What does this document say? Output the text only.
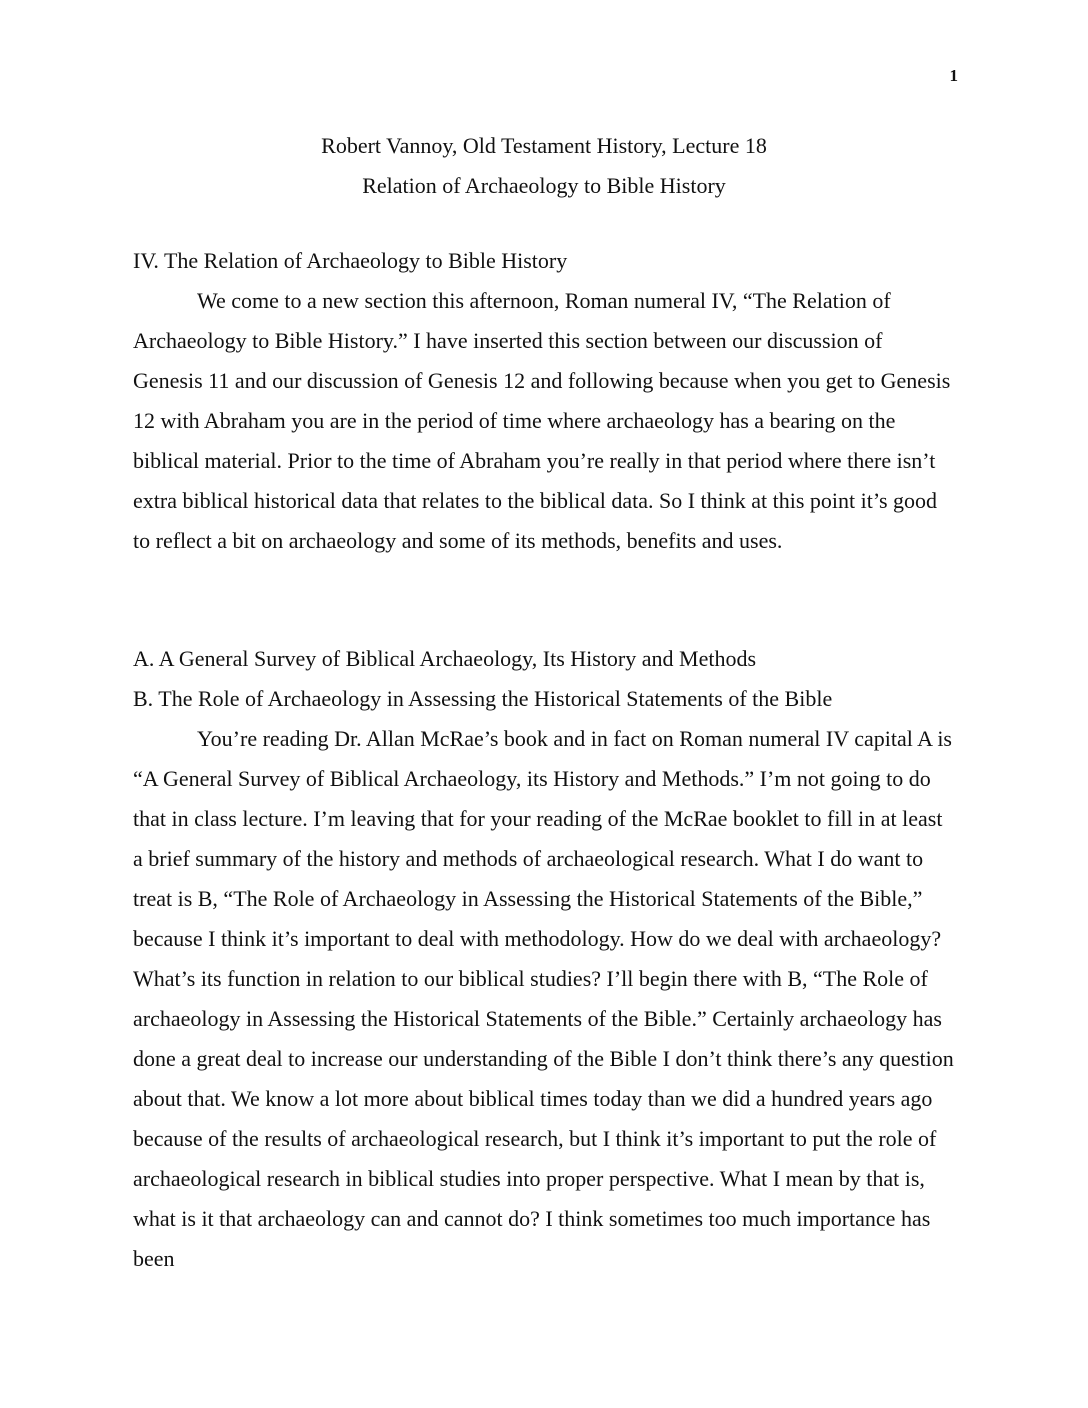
1
Robert Vannoy, Old Testament History, Lecture 18
Relation of Archaeology to Bible History
IV. The Relation of Archaeology to Bible History

We come to a new section this afternoon, Roman numeral IV, “The Relation of Archaeology to Bible History.” I have inserted this section between our discussion of Genesis 11 and our discussion of Genesis 12 and following because when you get to Genesis 12 with Abraham you are in the period of time where archaeology has a bearing on the biblical material. Prior to the time of Abraham you’re really in that period where there isn’t extra biblical historical data that relates to the biblical data. So I think at this point it’s good to reflect a bit on archaeology and some of its methods, benefits and uses.

A. A General Survey of Biblical Archaeology, Its History and Methods
B. The Role of Archaeology in Assessing the Historical Statements of the Bible

You’re reading Dr. Allan McRae’s book and in fact on Roman numeral IV capital A is “A General Survey of Biblical Archaeology, its History and Methods.” I’m not going to do that in class lecture. I’m leaving that for your reading of the McRae booklet to fill in at least a brief summary of the history and methods of archaeological research. What I do want to treat is B, “The Role of Archaeology in Assessing the Historical Statements of the Bible,” because I think it’s important to deal with methodology. How do we deal with archaeology? What’s its function in relation to our biblical studies? I’ll begin there with B, “The Role of archaeology in Assessing the Historical Statements of the Bible.” Certainly archaeology has done a great deal to increase our understanding of the Bible I don’t think there’s any question about that. We know a lot more about biblical times today than we did a hundred years ago because of the results of archaeological research, but I think it’s important to put the role of archaeological research in biblical studies into proper perspective. What I mean by that is, what is it that archaeology can and cannot do? I think sometimes too much importance has been
